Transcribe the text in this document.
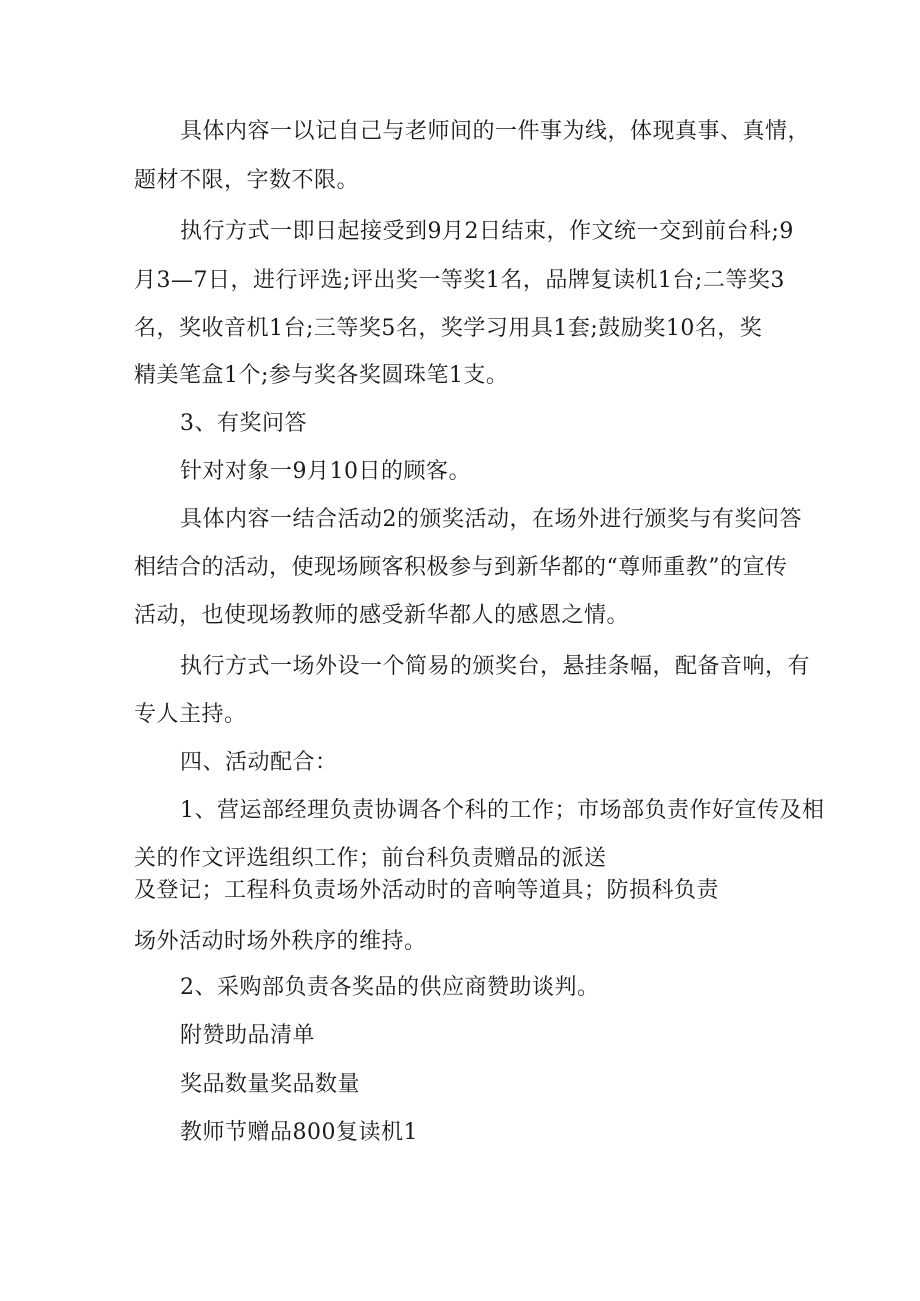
具体内容一以记自己与老师间的一件事为线，体现真事、真情，
题材不限，字数不限。
执行方式一即日起接受到9月2日结束，作文统一交到前台科;9
月3—7日，进行评选;评出奖一等奖1名，品牌复读机1台;二等奖3
名，奖收音机1台;三等奖5名，奖学习用具1套;鼓励奖10名，奖
精美笔盒1个;参与奖各奖圆珠笔1支。
3、有奖问答
针对对象一9月10日的顾客。
具体内容一结合活动2的颁奖活动，在场外进行颁奖与有奖问答
相结合的活动，使现场顾客积极参与到新华都的“尊师重教”的宣传
活动，也使现场教师的感受新华都人的感恩之情。
执行方式一场外设一个简易的颁奖台，悬挂条幅，配备音响，有
专人主持。
四、活动配合：
1、营运部经理负责协调各个科的工作；市场部负责作好宣传及相
关的作文评选组织工作；前台科负责赠品的派送
及登记；工程科负责场外活动时的音响等道具；防损科负责
场外活动时场外秩序的维持。
2、采购部负责各奖品的供应商赞助谈判。
附赞助品清单
奖品数量奖品数量
教师节赠品800复读机1
